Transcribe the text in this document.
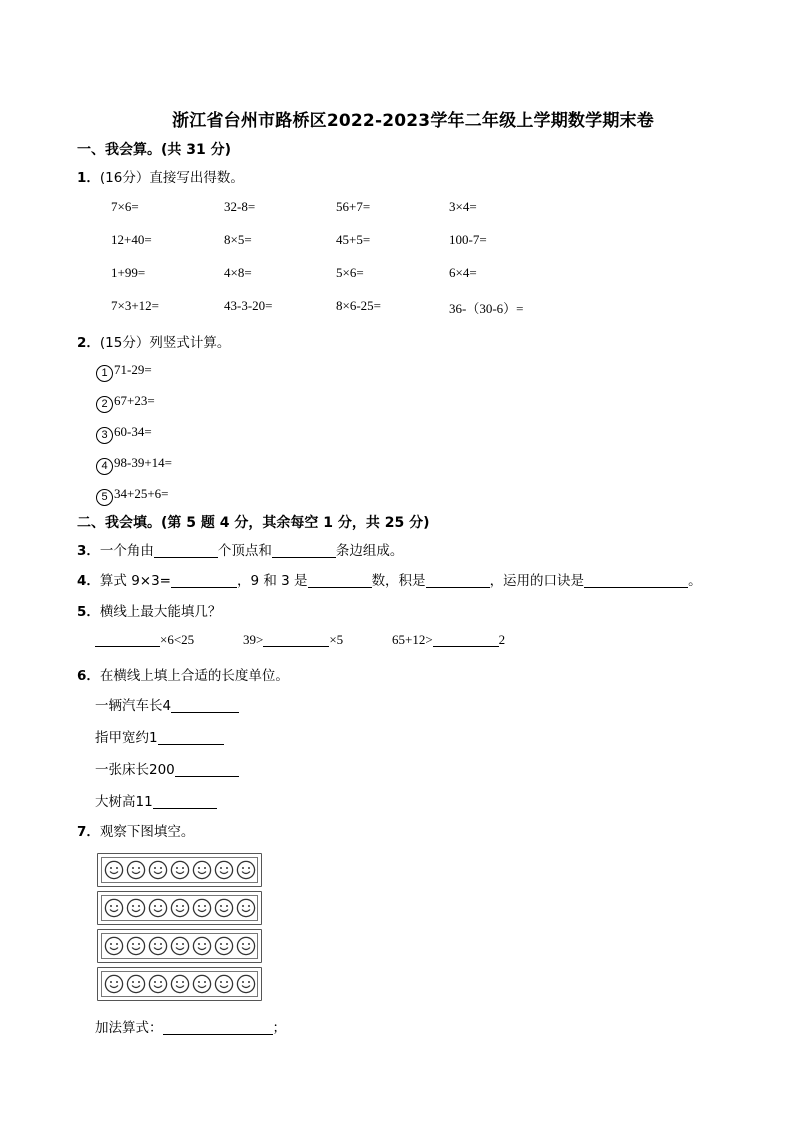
浙江省台州市路桥区2022-2023学年二年级上学期数学期末卷
一、我会算。(共 31 分)
1．(16分）直接写出得数。
7×6=	32-8=	56+7=	3×4=
12+40=	8×5=	45+5=	100-7=
1+99=	4×8=	5×6=	6×4=
7×3+12=	43-3-20=	8×6-25=	36-（30-6）=
2．(15分）列竖式计算。
1 71-29=
2 67+23=
3 60-34=
4 98-39+14=
5 34+25+6=
二、我会填。(第 5 题 4 分，其余每空 1 分，共 25 分)
3．一个角由	个顶点和	条边组成。
4．算式 9×3=	，9 和 3 是	数，积是	，运用的口诀是	。
5．横线上最大能填几？
×6<25	39>	×5	65+12>	2
6．在横线上填上合适的长度单位。
一辆汽车长4
指甲宽约1
一张床长200
大树高11
7．观察下图填空。
加法算式：	；
